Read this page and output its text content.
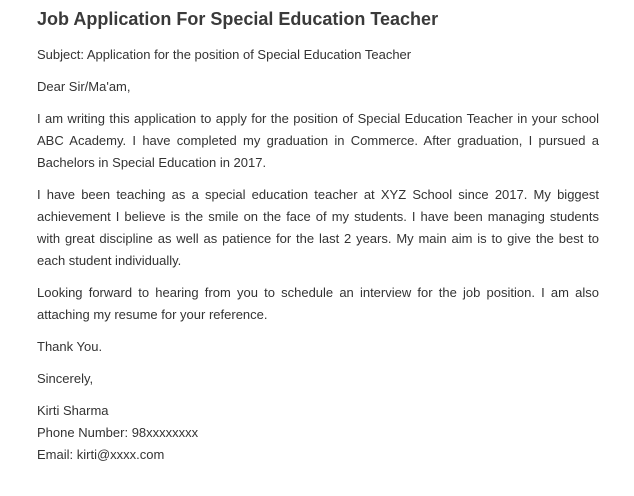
Job Application For Special Education Teacher

Subject: Application for the position of Special Education Teacher

Dear Sir/Ma'am,

I am writing this application to apply for the position of Special Education Teacher in your school ABC Academy. I have completed my graduation in Commerce. After graduation, I pursued a Bachelors in Special Education in 2017.

I have been teaching as a special education teacher at XYZ School since 2017. My biggest achievement I believe is the smile on the face of my students. I have been managing students with great discipline as well as patience for the last 2 years. My main aim is to give the best to each student individually.

Looking forward to hearing from you to schedule an interview for the job position. I am also attaching my resume for your reference.

Thank You.

Sincerely,

Kirti Sharma

Phone Number: 98xxxxxxxx

Email: kirti@xxxx.com
